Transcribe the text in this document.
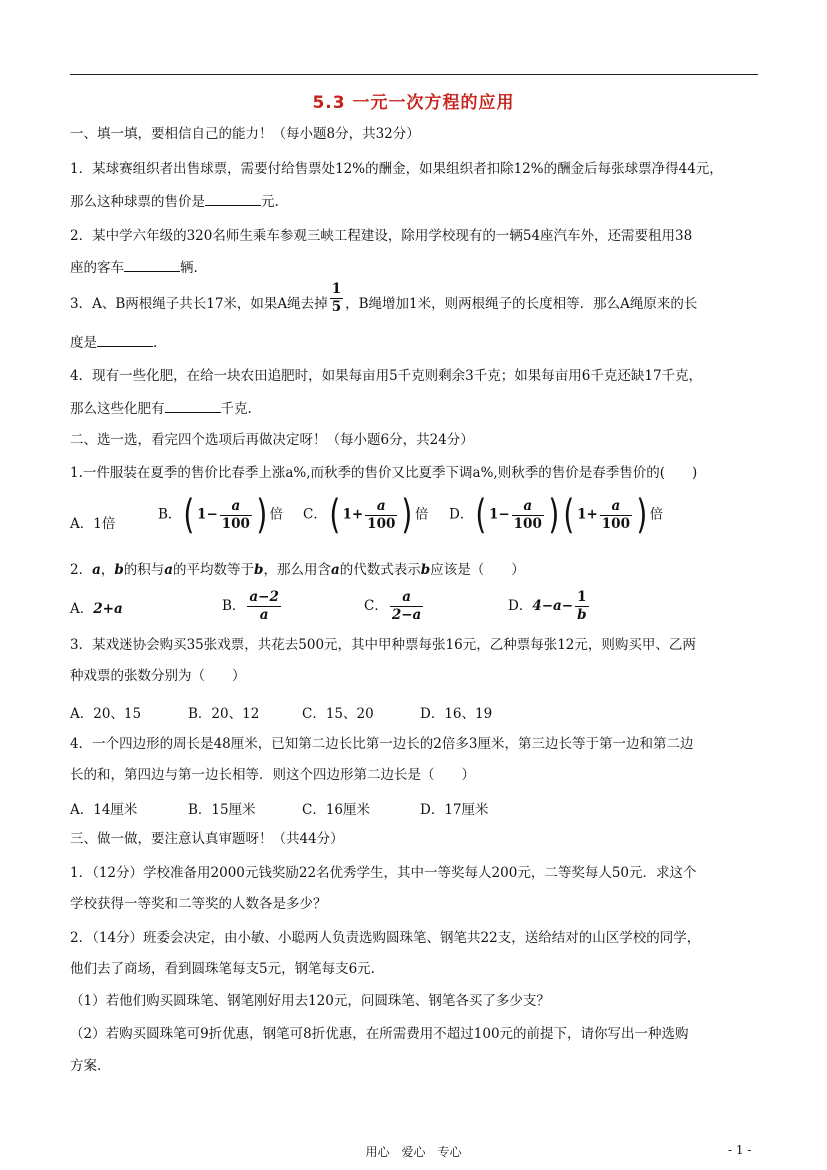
5.3 一元一次方程的应用
一、填一填，要相信自己的能力！（每小题8分，共32分）
1．某球赛组织者出售球票，需要付给售票处12%的酬金，如果组织者扣除12%的酬金后每张球票净得44元，
那么这种球票的售价是	元.
2．某中学六年级的320名师生乘车参观三峡工程建设，除用学校现有的一辆54座汽车外，还需要租用38
座的客车	辆.
3．A、B两根绳子共长17米，如果A绳去掉 $\frac{1}{5}$ ，B绳增加1米，则两根绳子的长度相等．那么A绳原来的长
度是	.
4．现有一些化肥，在给一块农田追肥时，如果每亩用5千克则剩余3千克；如果每亩用6千克还缺17千克，
那么这些化肥有	千克.
二、选一选，看完四个选项后再做决定呀！（每小题6分，共24分）
1.一件服装在夏季的售价比春季上涨a%,而秋季的售价又比夏季下调a%,则秋季的售价是春季售价的(　　)
A．1倍
B．( $1- \frac{a}{100}$ ) 倍 C．( $1+ \frac{a}{100}$ ) 倍 D．( $1- \frac{a}{100}$ ) ( $1+ \frac{a}{100}$ ) 倍
2．a，b的积与a的平均数等于b，那么用含a的代数式表示b应该是（　　）
A．2+a	B． $\frac{a-2}{a}$	C． $\frac{a}{2-a}$	D．$4-a- \frac{1}{b}$
3．某戏迷协会购买35张戏票，共花去500元，其中甲种票每张16元，乙种票每张12元，则购买甲、乙两
种戏票的张数分别为（　　）
A．20、15	B．20、12	C．15、20	D．16、19
4．一个四边形的周长是48厘米，已知第二边长比第一边长的2倍多3厘米，第三边长等于第一边和第二边
长的和，第四边与第一边长相等．则这个四边形第二边长是（　　）
A．14厘米	B．15厘米	C．16厘米	D．17厘米
三、做一做，要注意认真审题呀！（共44分）
1．（12分）学校准备用2000元钱奖励22名优秀学生，其中一等奖每人200元，二等奖每人50元．求这个
学校获得一等奖和二等奖的人数各是多少？
2．（14分）班委会决定，由小敏、小聪两人负责选购圆珠笔、钢笔共22支，送给结对的山区学校的同学，
他们去了商场，看到圆珠笔每支5元，钢笔每支6元.
（1）若他们购买圆珠笔、钢笔刚好用去120元，问圆珠笔、钢笔各买了多少支？
（2）若购买圆珠笔可9折优惠，钢笔可8折优惠，在所需费用不超过100元的前提下，请你写出一种选购
方案.
用心　爱心　专心	- 1 -
